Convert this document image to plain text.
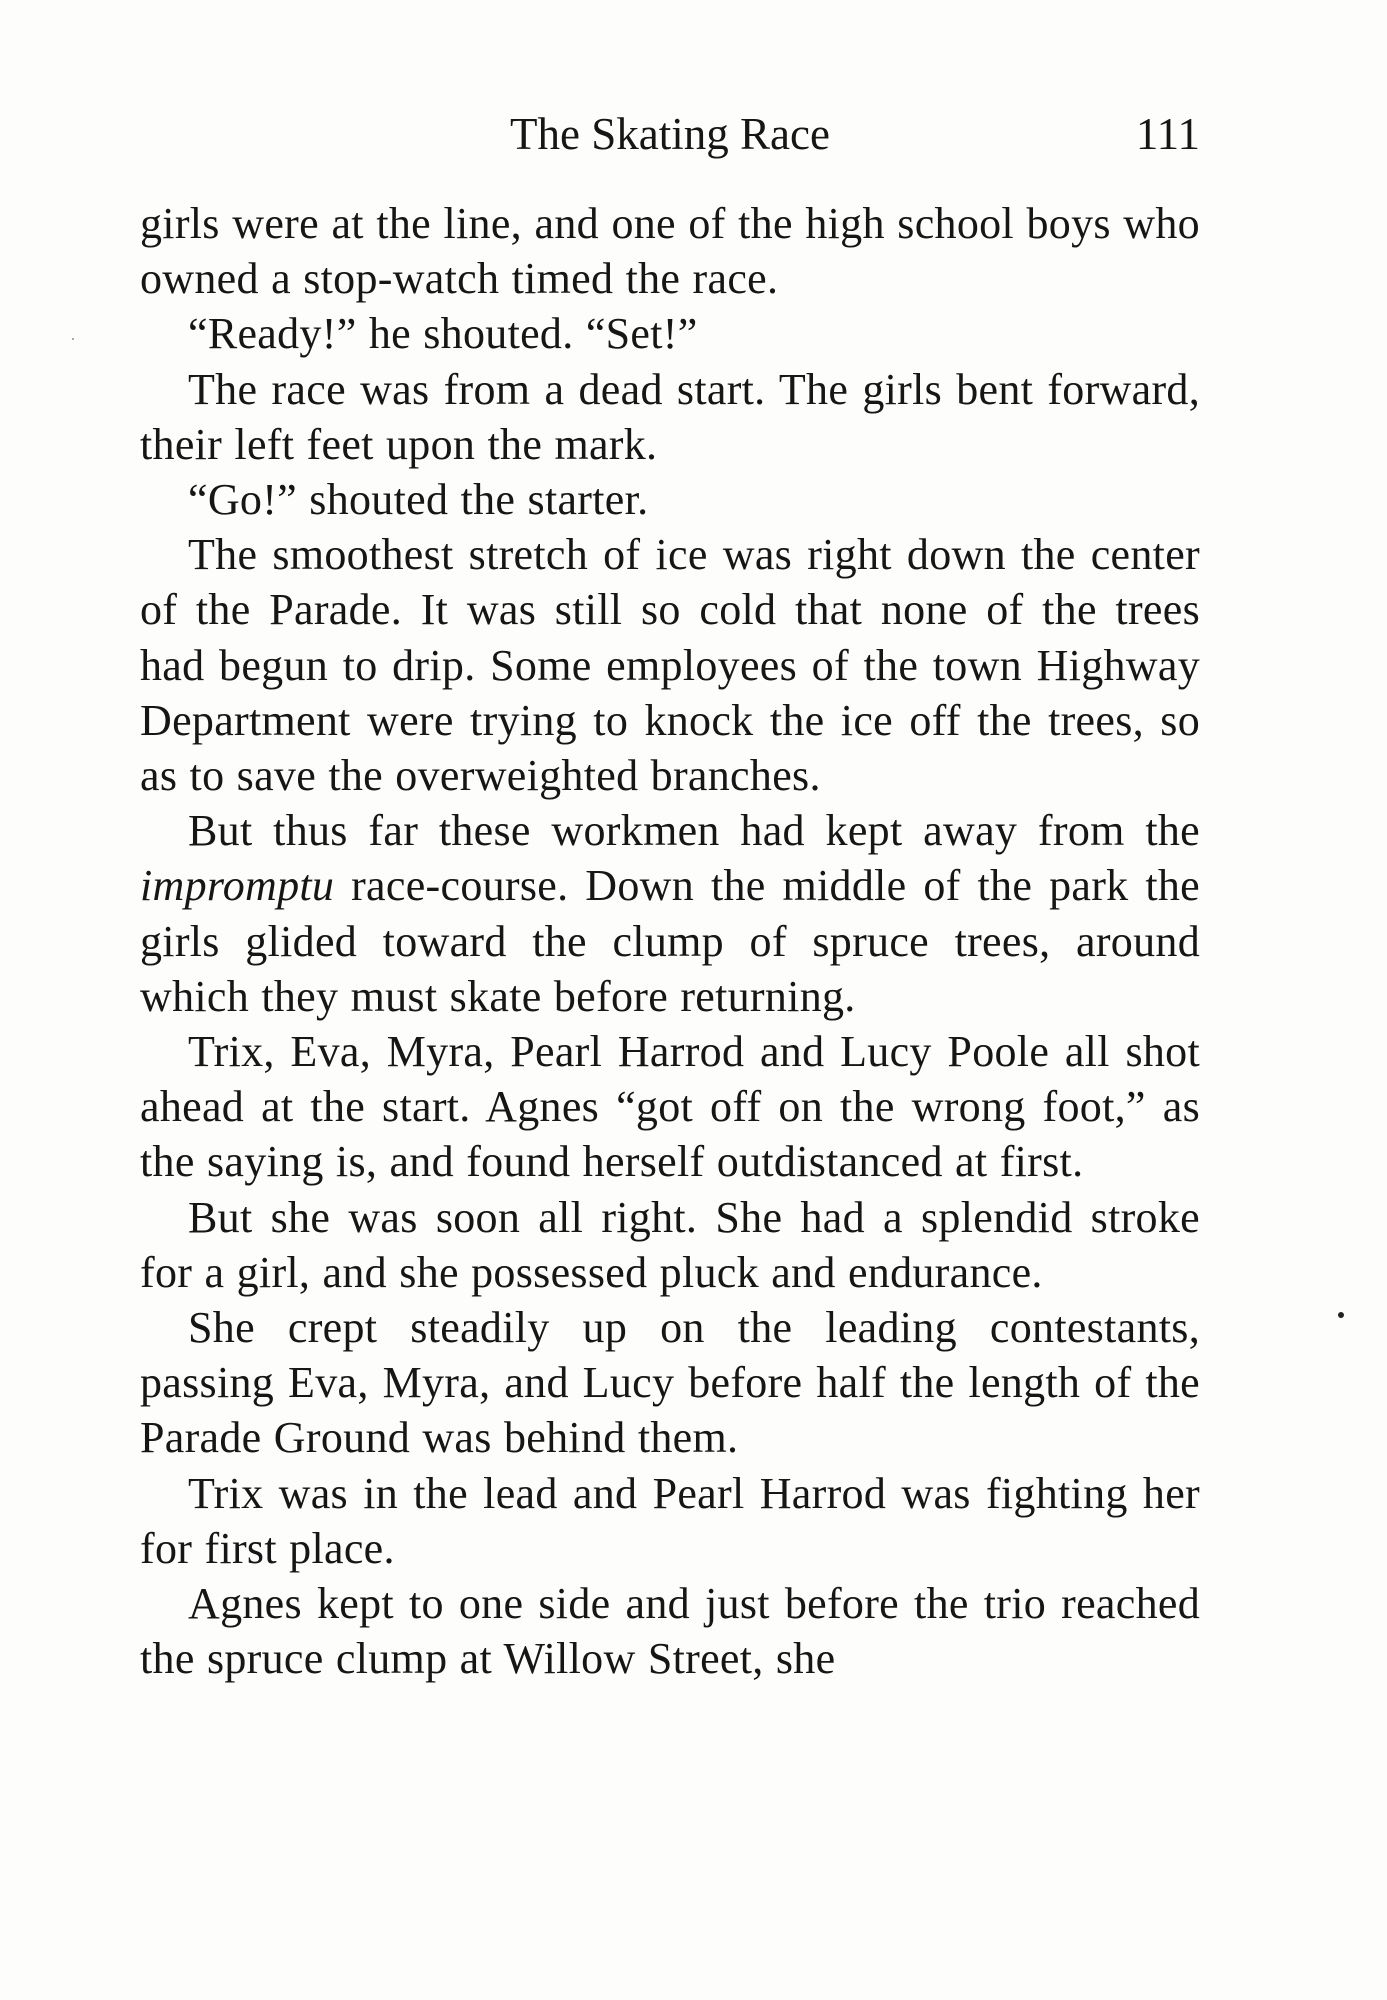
The Skating Race	111

girls were at the line, and one of the high school boys who owned a stop-watch timed the race.

“Ready!” he shouted. “Set!”

The race was from a dead start. The girls bent forward, their left feet upon the mark.

“Go!” shouted the starter.

The smoothest stretch of ice was right down the center of the Parade. It was still so cold that none of the trees had begun to drip. Some employees of the town Highway Department were trying to knock the ice off the trees, so as to save the overweighted branches.

But thus far these workmen had kept away from the impromptu race-course. Down the middle of the park the girls glided toward the clump of spruce trees, around which they must skate before returning.

Trix, Eva, Myra, Pearl Harrod and Lucy Poole all shot ahead at the start. Agnes “got off on the wrong foot,” as the saying is, and found herself outdistanced at first.

But she was soon all right. She had a splendid stroke for a girl, and she possessed pluck and endurance.

She crept steadily up on the leading contestants, passing Eva, Myra, and Lucy before half the length of the Parade Ground was behind them.

Trix was in the lead and Pearl Harrod was fighting her for first place.

Agnes kept to one side and just before the trio reached the spruce clump at Willow Street, she
